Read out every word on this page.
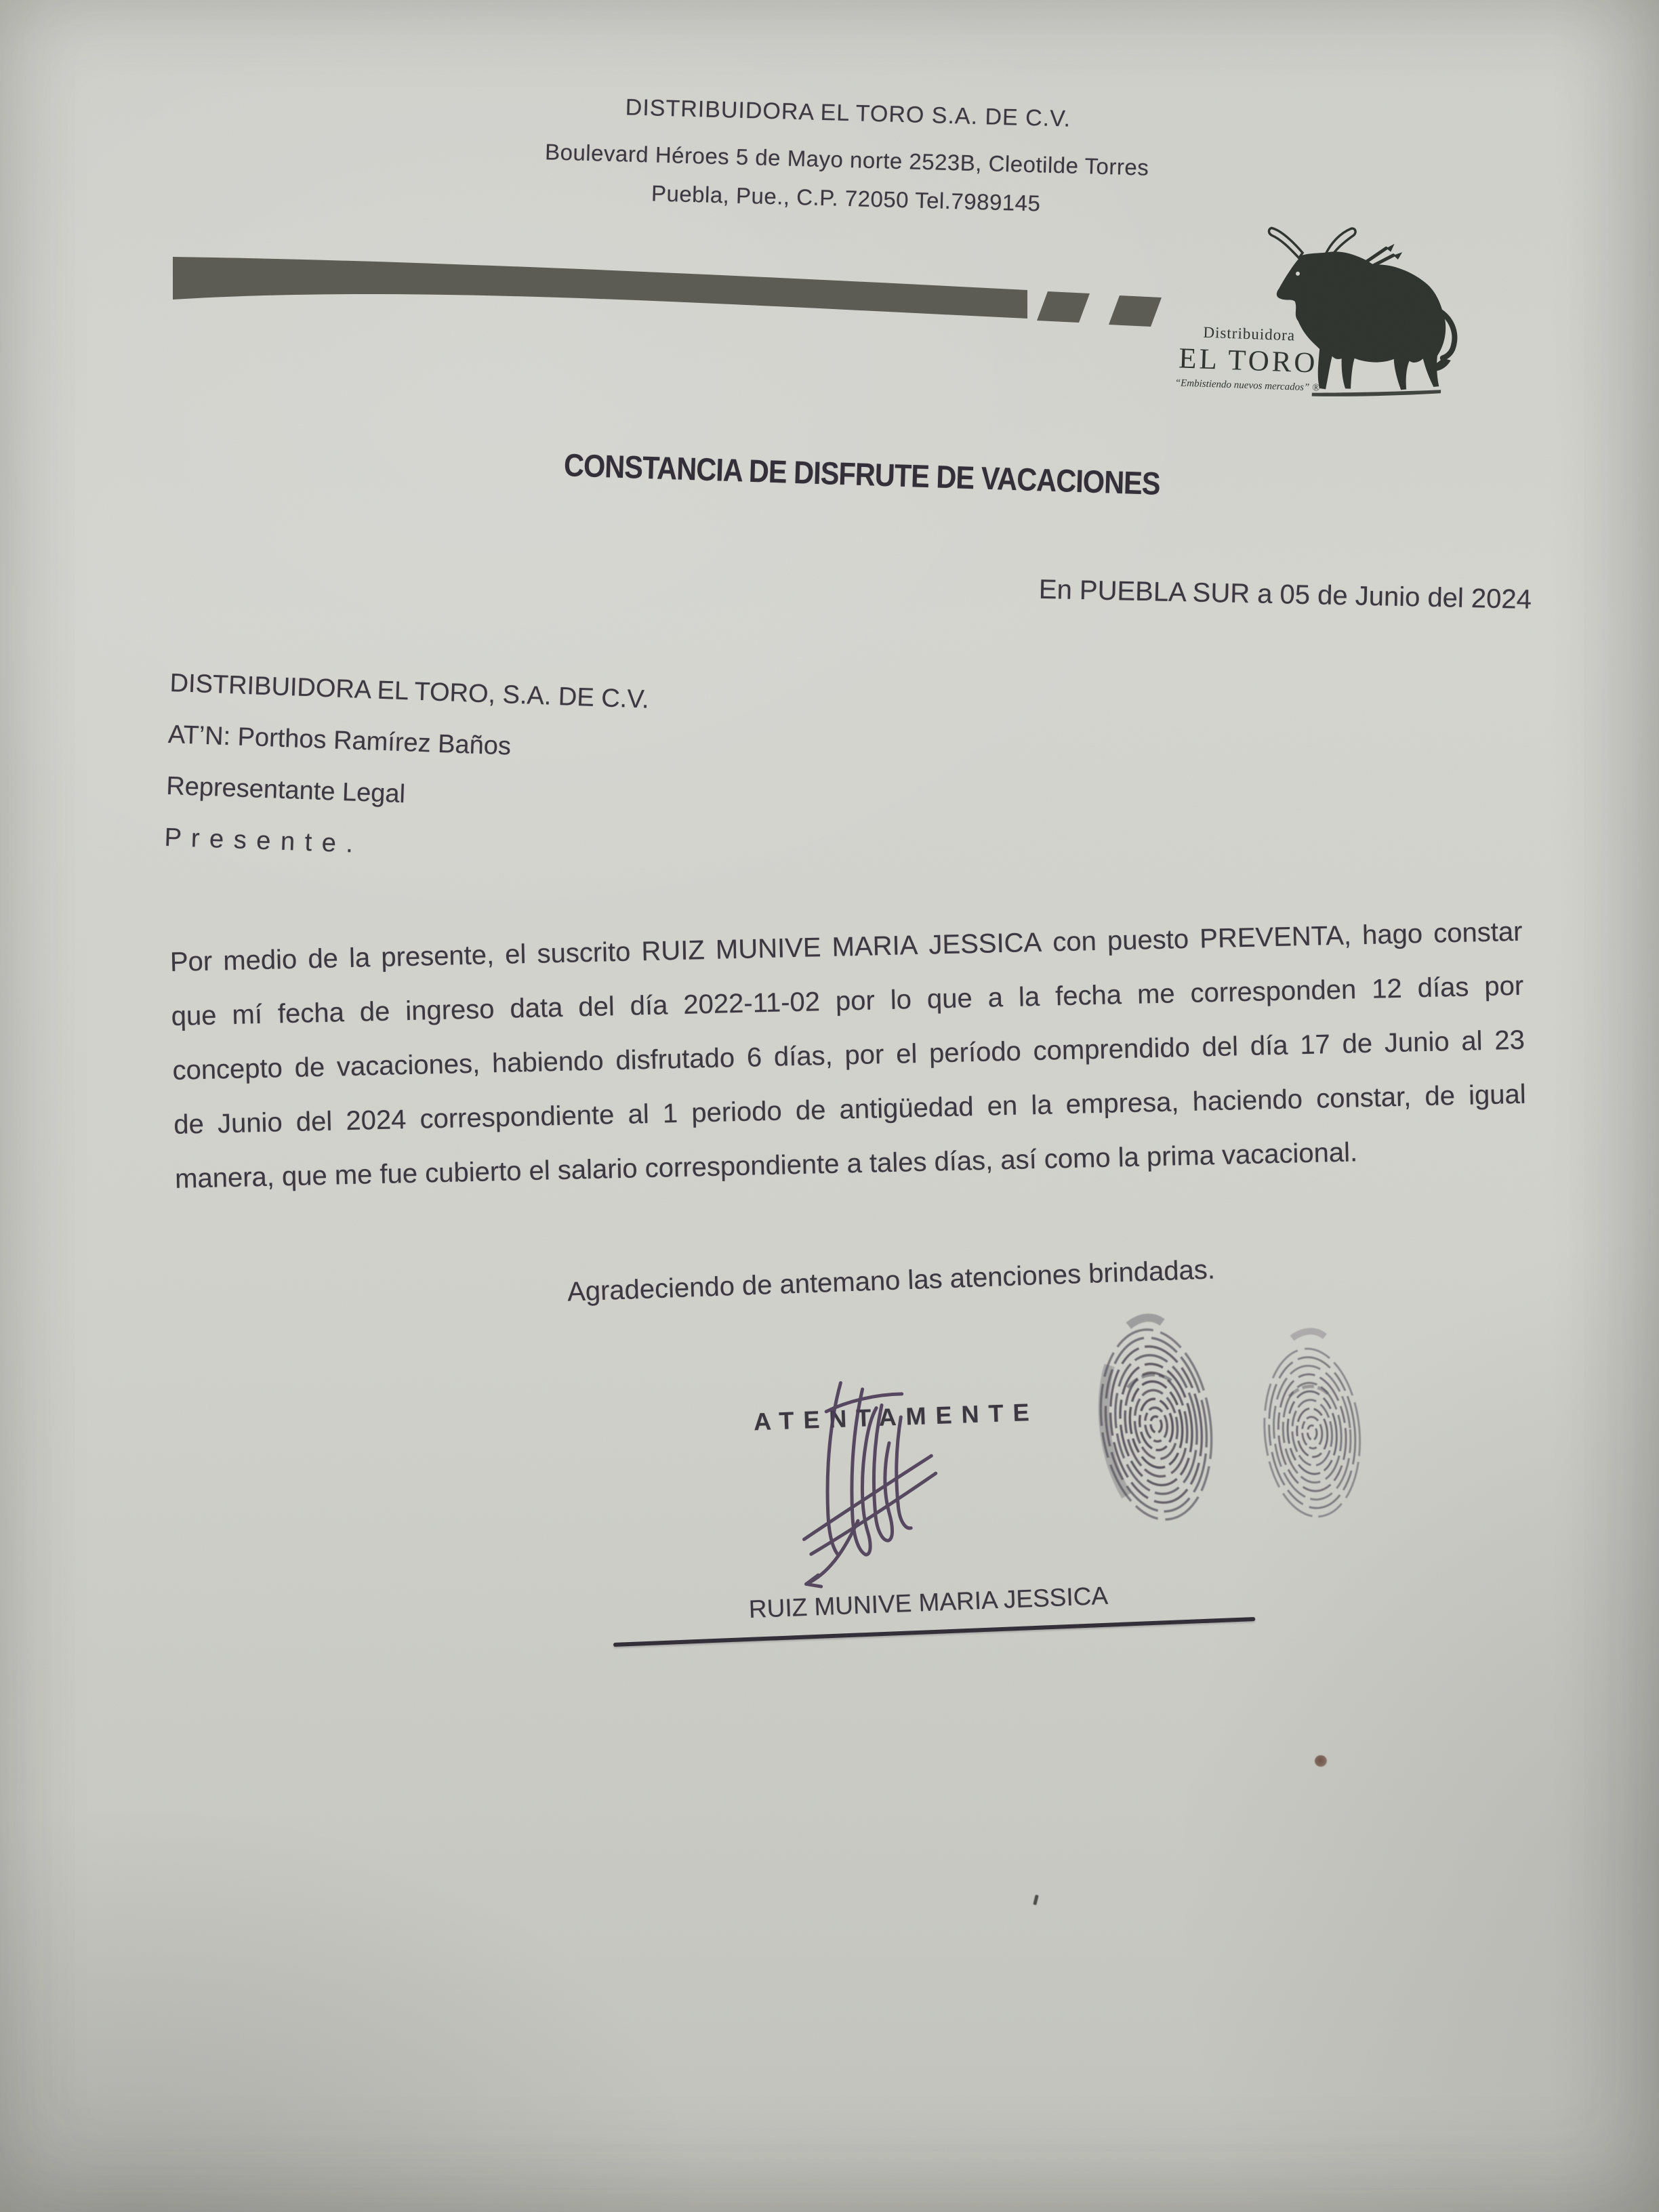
DISTRIBUIDORA EL TORO S.A. DE C.V.
Boulevard Héroes 5 de Mayo norte 2523B, Cleotilde Torres
Puebla, Pue., C.P. 72050 Tel.7989145
Distribuidora
EL TORO
“Embistiendo nuevos mercados” ®
CONSTANCIA DE DISFRUTE DE VACACIONES
En PUEBLA SUR a 05 de Junio del 2024
DISTRIBUIDORA EL TORO, S.A. DE C.V.
AT’N: Porthos Ramírez Baños
Representante Legal
P r e s e n t e .
Por medio de la presente, el suscrito RUIZ MUNIVE MARIA JESSICA con puesto PREVENTA, hago constar
que mí fecha de ingreso data del día 2022-11-02 por lo que a la fecha me corresponden 12 días por
concepto de vacaciones, habiendo disfrutado 6 días, por el período comprendido del día 17 de Junio al 23
de Junio del 2024 correspondiente al 1 periodo de antigüedad en la empresa, haciendo constar, de igual
manera, que me fue cubierto el salario correspondiente a tales días, así como la prima vacacional.
Agradeciendo de antemano las atenciones brindadas.
ATENTAMENTE
RUIZ MUNIVE MARIA JESSICA
